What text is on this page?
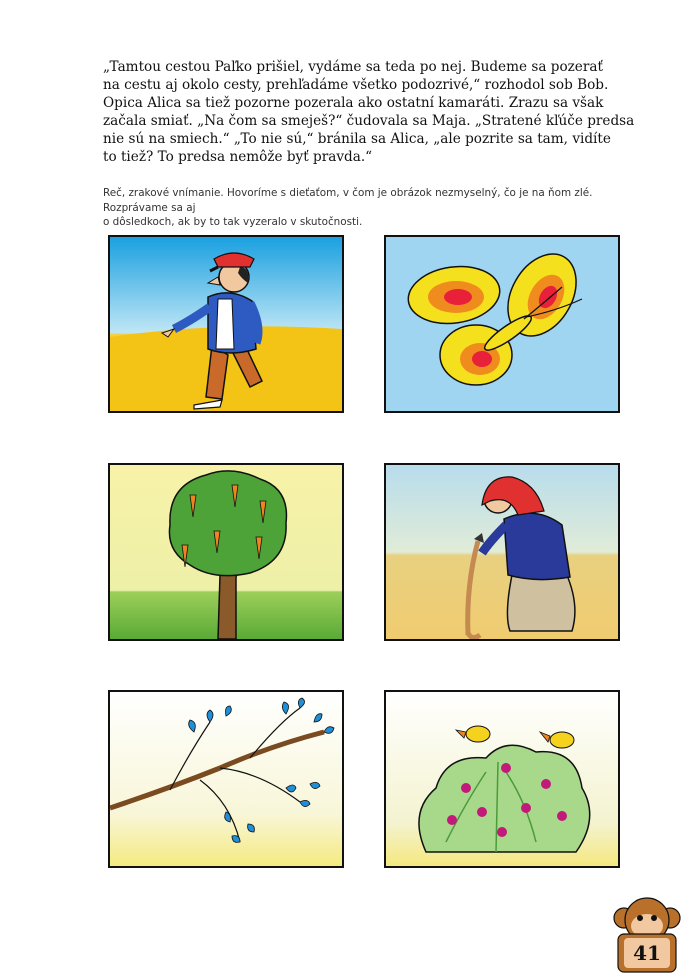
„Tamtou cestou Paľko prišiel, vydáme sa teda po nej. Budeme sa pozerať

na cestu aj okolo cesty, prehľadáme všetko podozrivé,“ rozhodol sob Bob.

Opica Alica sa tiež pozorne pozerala ako ostatní kamaráti. Zrazu sa však

začala smiať. „Na čom sa smeješ?“ čudovala sa Maja. „Stratené kľúče predsa

nie sú na smiech.“ „To nie sú,“ bránila sa Alica, „ale pozrite sa tam, vidíte

to tiež? To predsa nemôže byť pravda.“

Reč, zrakové vnímanie. Hovoríme s dieťaťom, v čom je obrázok nezmyselný, čo je na ňom zlé. Rozprávame sa aj
o dôsledkoch, ak by to tak vyzeralo v skutočnosti.
41
